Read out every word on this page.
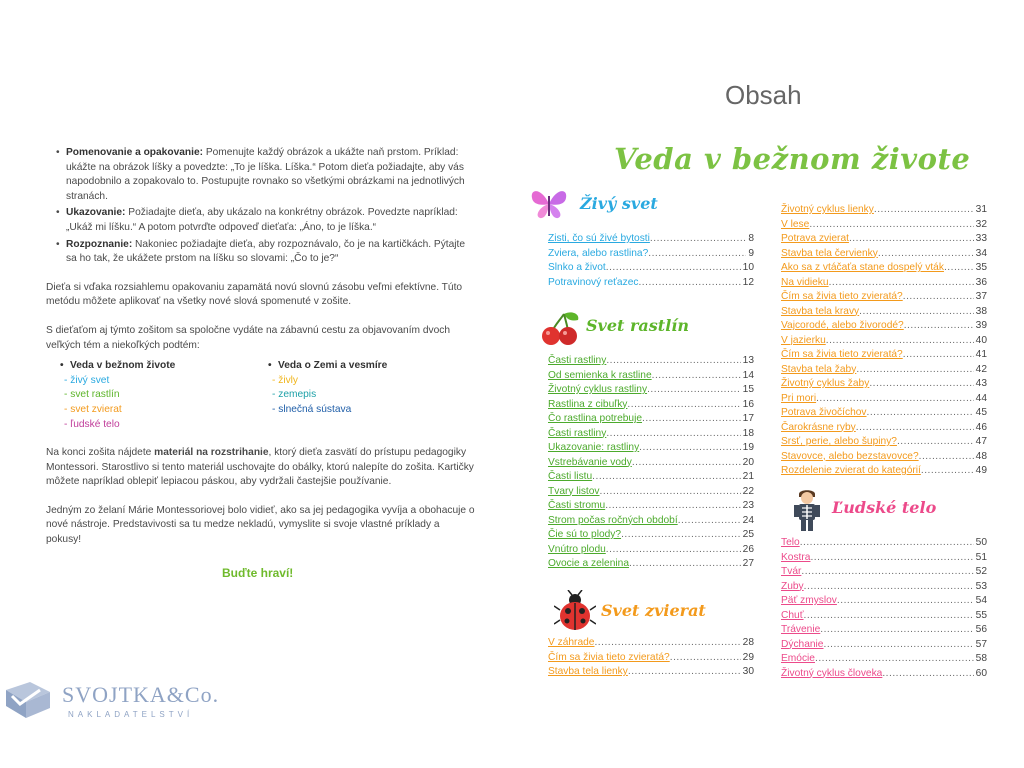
• Pomenovanie a opakovanie: Pomenujte každý obrázok a ukážte naň prstom. Príklad: ukážte na obrázok líšky a povedzte: „To je líška. Líška.“ Potom dieťa požiadajte, aby vás napodobnilo a zopakovalo to. Postupujte rovnako so všetkými obrázkami na jednotlivých stranách.
• Ukazovanie: Požiadajte dieťa, aby ukázalo na konkrétny obrázok. Povedzte napríklad: „Ukáž mi líšku.“ A potom potvrďte odpoveď dieťaťa: „Áno, to je líška.“
• Rozpoznanie: Nakoniec požiadajte dieťa, aby rozpoznávalo, čo je na kartičkách. Pýtajte sa ho tak, že ukážete prstom na líšku so slovami: „Čo to je?“

Dieťa si vďaka rozsiahlemu opakovaniu zapamätá novú slovnú zásobu veľmi efektívne. Túto metódu môžete aplikovať na všetky nové slová spomenuté v zošite.

S dieťaťom aj týmto zošitom sa spoločne vydáte na zábavnú cestu za objavovaním dvoch veľkých tém a niekoľkých podtém:

• Veda v bežnom živote
- živý svet
- svet rastlín
- svet zvierat
- ľudské telo
• Veda o Zemi a vesmíre
- živly
- zemepis
- slnečná sústava

Na konci zošita nájdete materiál na rozstrihanie, ktorý dieťa zasvätí do prístupu pedagogiky Montessori. Starostlivo si tento materiál uschovajte do obálky, ktorú nalepíte do zošita. Kartičky môžete napríklad oblepiť lepiacou páskou, aby vydržali častejšie používanie.

Jedným zo želaní Márie Montessoriovej bolo vidieť, ako sa jej pedagogika vyvíja a obohacuje o nové nástroje. Predstavivosti sa tu medze nekladú, vymyslite si svoje vlastné príklady a pokusy!

Buďte hraví!
SVOJTKA&Co.
NAKLADATELSTVÍ
Obsah
Veda v bežnom živote
Živý svet
Zisti, čo sú živé bytosti .....	8
Zviera, alebo rastlina? .....	9
Slnko a život .....	10
Potravinový reťazec .....	12
Svet rastlín
Časti rastliny .....	13
Od semienka k rastline .....	14
Životný cyklus rastliny .....	15
Rastlina z cibuľky .....	16
Čo rastlina potrebuje .....	17
Časti rastliny .....	18
Ukazovanie: rastliny .....	19
Vstrebávanie vody .....	20
Časti listu .....	21
Tvary listov .....	22
Časti stromu .....	23
Strom počas ročných období .....	24
Čie sú to plody? .....	25
Vnútro plodu .....	26
Ovocie a zelenina .....	27
Svet zvierat
V záhrade .....	28
Čím sa živia tieto zvieratá? .....	29
Stavba tela lienky .....	30
Životný cyklus lienky .....	31
V lese .....	32
Potrava zvierat .....	33
Stavba tela červienky .....	34
Ako sa z vtáčaťa stane dospelý vták .....	35
Na vidieku .....	36
Čím sa živia tieto zvieratá? .....	37
Stavba tela kravy .....	38
Vajcorodé, alebo živorodé? .....	39
V jazierku .....	40
Čím sa živia tieto zvieratá? .....	41
Stavba tela žaby .....	42
Životný cyklus žaby .....	43
Pri mori .....	44
Potrava živočíchov .....	45
Čarokrásne ryby .....	46
Srsť, perie, alebo šupiny? .....	47
Stavovce, alebo bezstavovce? .....	48
Rozdelenie zvierat do kategórií .....	49
Ľudské telo
Telo .....	50
Kostra .....	51
Tvár .....	52
Zuby .....	53
Päť zmyslov .....	54
Chuť .....	55
Trávenie .....	56
Dýchanie .....	57
Emócie .....	58
Životný cyklus človeka .....	60
